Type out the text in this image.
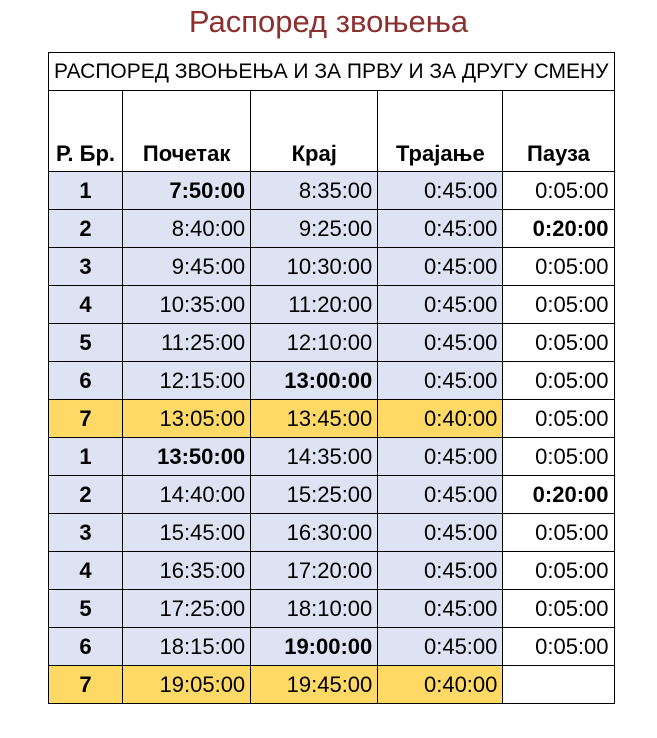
Распоред звоњења
РАСПОРЕД ЗВОЊЕЊА И ЗА ПРВУ И ЗА ДРУГУ СМЕНУ				
Р. Бр.	Почетак	Крај	Трајање	Пауза
1	7:50:00	8:35:00	0:45:00	0:05:00
2	8:40:00	9:25:00	0:45:00	0:20:00
3	9:45:00	10:30:00	0:45:00	0:05:00
4	10:35:00	11:20:00	0:45:00	0:05:00
5	11:25:00	12:10:00	0:45:00	0:05:00
6	12:15:00	13:00:00	0:45:00	0:05:00
7	13:05:00	13:45:00	0:40:00	0:05:00
1	13:50:00	14:35:00	0:45:00	0:05:00
2	14:40:00	15:25:00	0:45:00	0:20:00
3	15:45:00	16:30:00	0:45:00	0:05:00
4	16:35:00	17:20:00	0:45:00	0:05:00
5	17:25:00	18:10:00	0:45:00	0:05:00
6	18:15:00	19:00:00	0:45:00	0:05:00
7	19:05:00	19:45:00	0:40:00	
